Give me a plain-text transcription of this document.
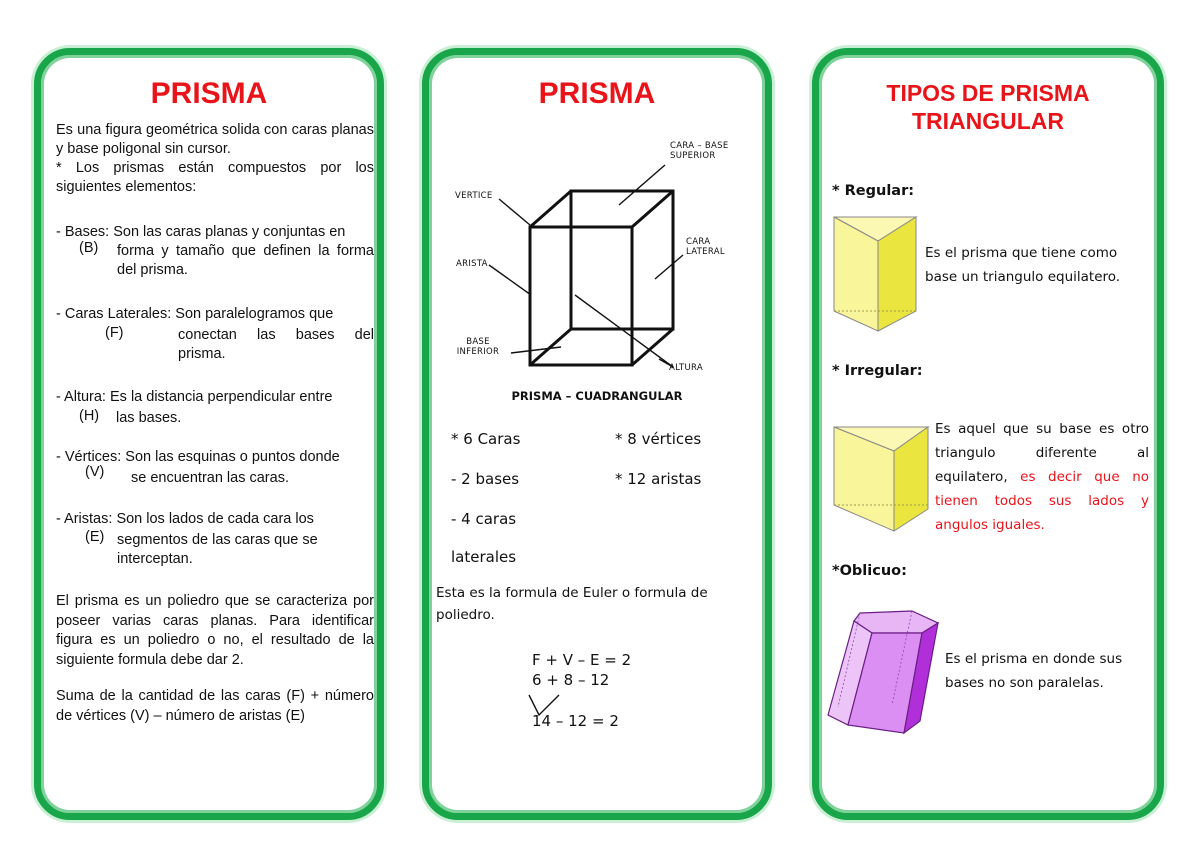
PRISMA
Es una figura geométrica solida con caras planas y base poligonal sin cursor.
* Los prismas están compuestos por los siguientes elementos:
- Bases: Son las caras planas y conjuntas en
(B) forma y tamaño que definen la forma del prisma.
- Caras Laterales: Son paralelogramos que
(F)	conectan las bases del prisma.
- Altura: Es la distancia perpendicular entre
(H) las bases.
- Vértices: Son las esquinas o puntos donde
(V) se encuentran las caras.
- Aristas: Son los lados de cada cara los
(E) segmentos de las caras que se interceptan.
El prisma es un poliedro que se caracteriza por poseer varias caras planas. Para identificar figura es un poliedro o no, el resultado de la siguiente formula debe dar 2.
Suma de la cantidad de las caras (F) + número de vértices (V) – número de aristas (E)
PRISMA
CARA – BASE SUPERIOR
VERTICE
CARA LATERAL
ARISTA
BASE INFERIOR
ALTURA
PRISMA – CUADRANGULAR
* 6 Caras	* 8 vértices
- 2 bases	* 12 aristas
- 4 caras
laterales
Esta es la formula de Euler o formula de poliedro.
F + V – E = 2
6 + 8 – 12
14 – 12 = 2
TIPOS DE PRISMA
TRIANGULAR
* Regular:
Es el prisma que tiene como base un triangulo equilatero.
* Irregular:
Es aquel que su base es otro triangulo diferente al equilatero, es decir que no tienen todos sus lados y angulos iguales.
*Oblicuo:
Es el prisma en donde sus bases no son paralelas.
